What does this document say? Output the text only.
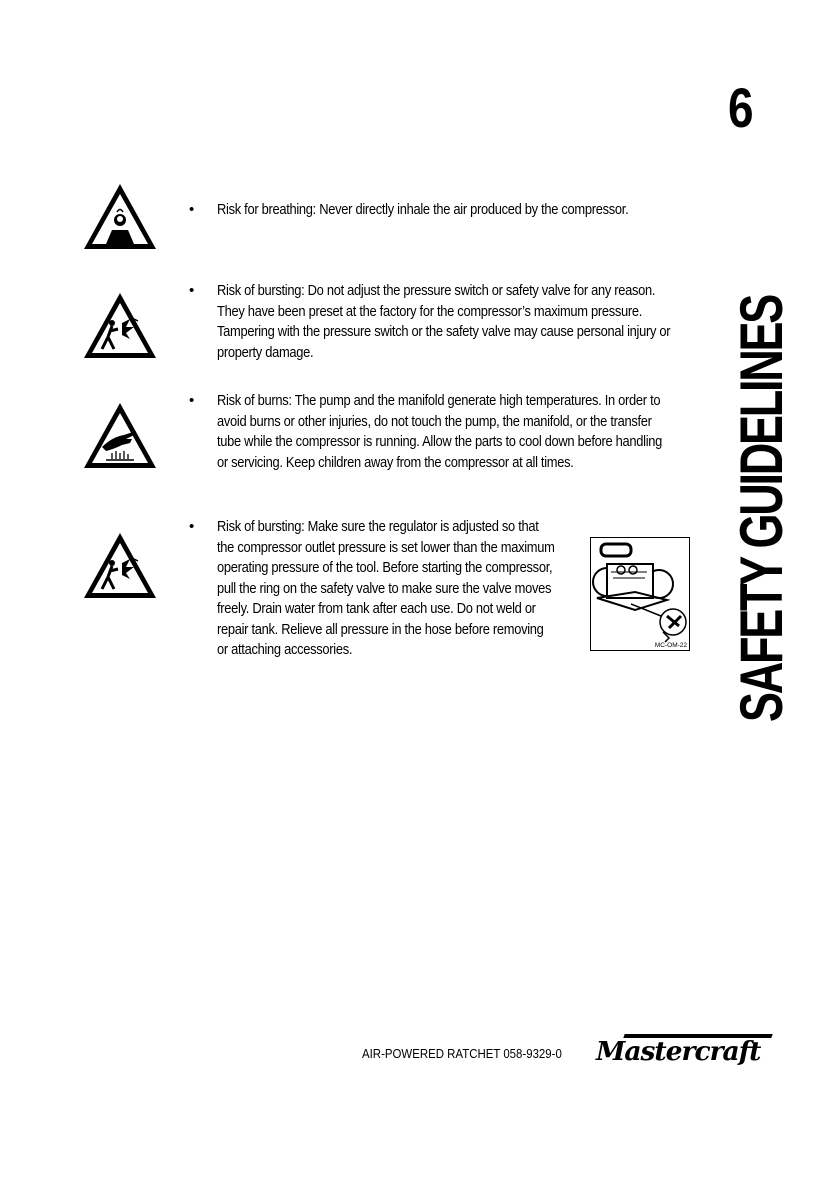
6
SAFETY GUIDELINES
• Risk for breathing: Never directly inhale the air produced by the compressor.
• Risk of bursting: Do not adjust the pressure switch or safety valve for any reason. They have been preset at the factory for the compressor’s maximum pressure. Tampering with the pressure switch or the safety valve may cause personal injury or property damage.
• Risk of burns: The pump and the manifold generate high temperatures. In order to avoid burns or other injuries, do not touch the pump, the manifold, or the transfer tube while the compressor is running. Allow the parts to cool down before handling or servicing. Keep children away from the compressor at all times.
• Risk of bursting: Make sure the regulator is adjusted so that the compressor outlet pressure is set lower than the maximum operating pressure of the tool. Before starting the compressor, pull the ring on the safety valve to make sure the valve moves freely. Drain water from tank after each use. Do not weld or repair tank. Relieve all pressure in the hose before removing or attaching accessories.	MC-OM-22
AIR-POWERED RATCHET 058-9329-0 Mastercraft
